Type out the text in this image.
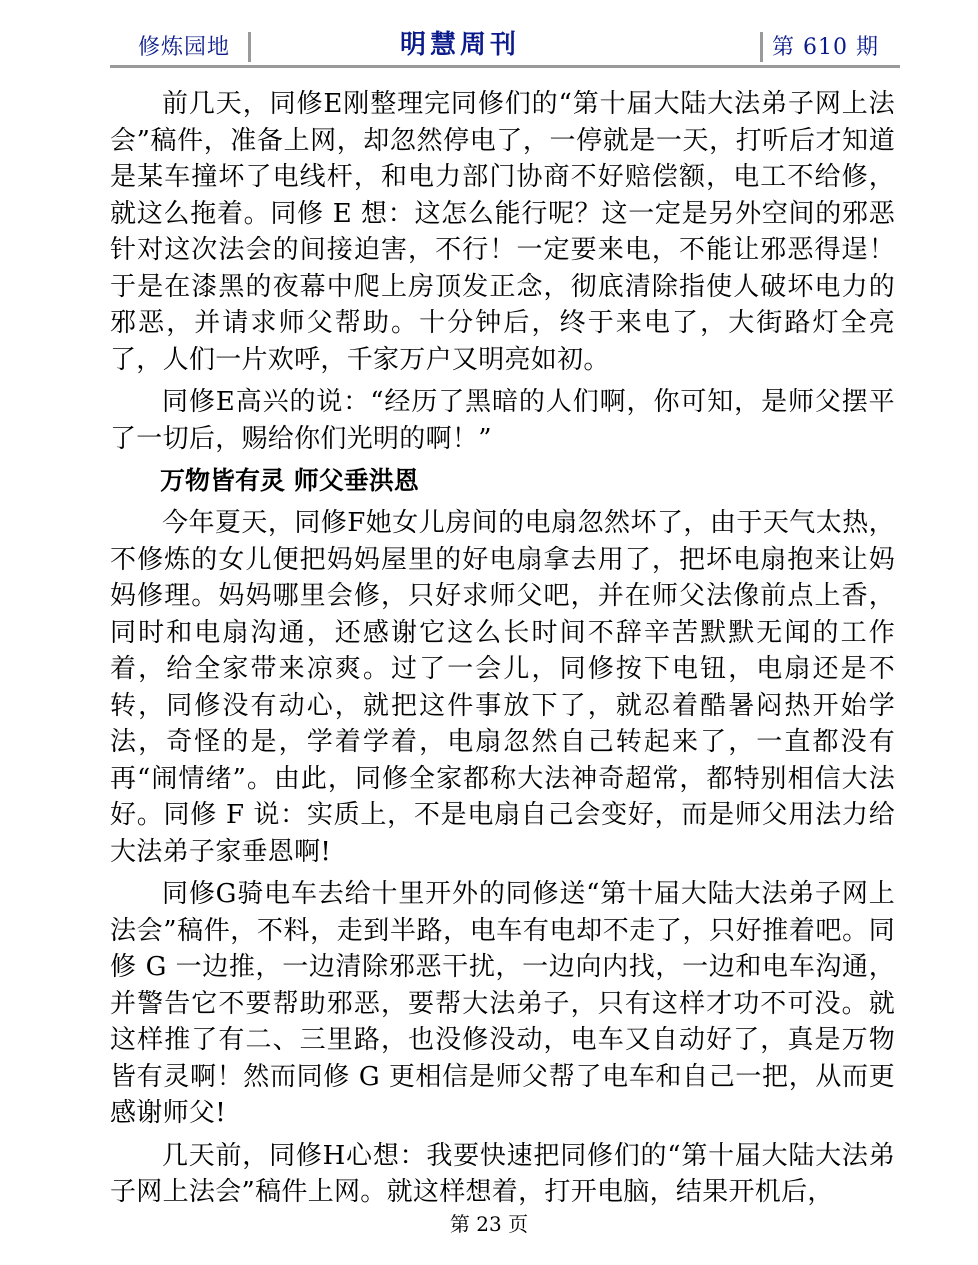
修炼园地	明慧周刊	第 610 期

前几天，同修E刚整理完同修们的“第十届大陆大法弟子网上法会”稿件，准备上网，却忽然停电了，一停就是一天，打听后才知道是某车撞坏了电线杆，和电力部门协商不好赔偿额，电工不给修，就这么拖着。同修 E 想：这怎么能行呢？这一定是另外空间的邪恶针对这次法会的间接迫害，不行！一定要来电，不能让邪恶得逞！于是在漆黑的夜幕中爬上房顶发正念，彻底清除指使人破坏电力的邪恶，并请求师父帮助。十分钟后，终于来电了，大街路灯全亮了，人们一片欢呼，千家万户又明亮如初。

同修E高兴的说：“经历了黑暗的人们啊，你可知，是师父摆平了一切后，赐给你们光明的啊！”

万物皆有灵 师父垂洪恩

今年夏天，同修F她女儿房间的电扇忽然坏了，由于天气太热，不修炼的女儿便把妈妈屋里的好电扇拿去用了，把坏电扇抱来让妈妈修理。妈妈哪里会修，只好求师父吧，并在师父法像前点上香，同时和电扇沟通，还感谢它这么长时间不辞辛苦默默无闻的工作着，给全家带来凉爽。过了一会儿，同修按下电钮，电扇还是不转，同修没有动心，就把这件事放下了，就忍着酷暑闷热开始学法，奇怪的是，学着学着，电扇忽然自己转起来了，一直都没有再“闹情绪”。由此，同修全家都称大法神奇超常，都特别相信大法好。同修 F 说：实质上，不是电扇自己会变好，而是师父用法力给大法弟子家垂恩啊!

同修G骑电车去给十里开外的同修送“第十届大陆大法弟子网上法会”稿件，不料，走到半路，电车有电却不走了，只好推着吧。同修 G 一边推，一边清除邪恶干扰，一边向内找，一边和电车沟通，并警告它不要帮助邪恶，要帮大法弟子，只有这样才功不可没。就这样推了有二、三里路，也没修没动，电车又自动好了，真是万物皆有灵啊！然而同修 G 更相信是师父帮了电车和自己一把，从而更感谢师父!

几天前，同修H心想：我要快速把同修们的“第十届大陆大法弟子网上法会”稿件上网。就这样想着，打开电脑，结果开机后，

第 23 页
